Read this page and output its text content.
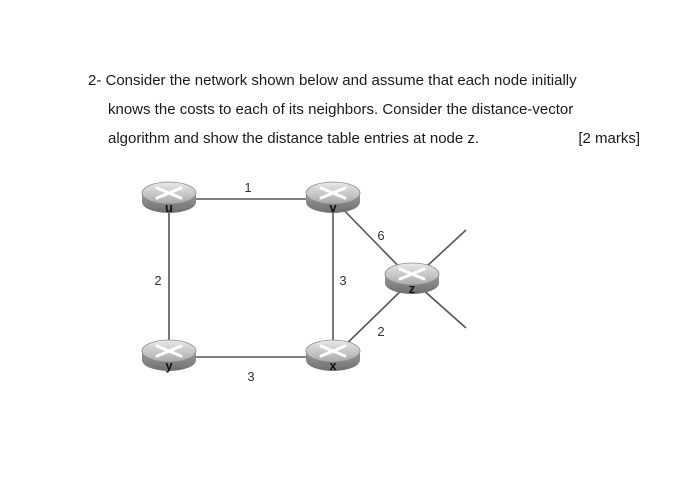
2- Consider the network shown below and assume that each node initially
knows the costs to each of its neighbors. Consider the distance-vector
algorithm and show the distance table entries at node z.	[2 marks]
1
2	3
3
6
2
u	v
y	x
z
